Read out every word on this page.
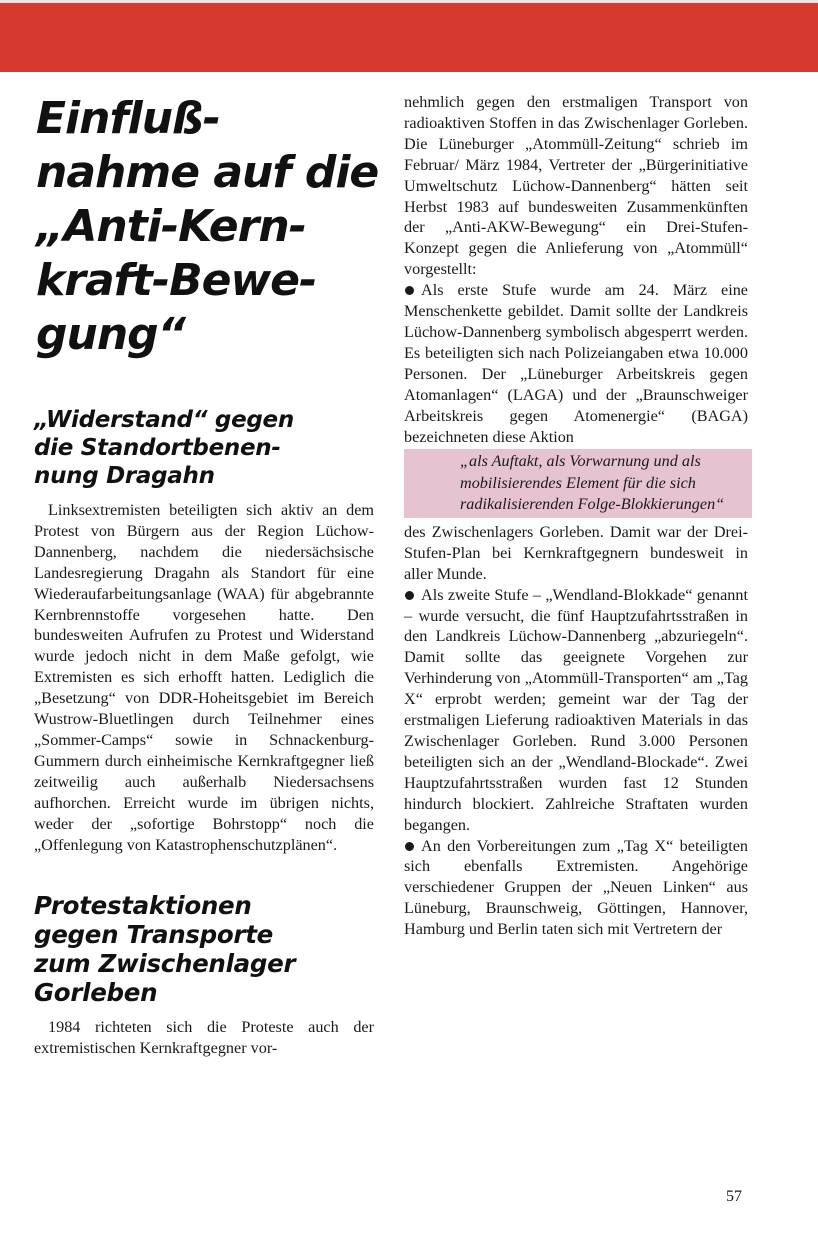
Einfluß-
nahme auf die
„Anti-Kern-
kraft-Bewe-
gung“
„Widerstand“ gegen
die Standortbenen-
nung Dragahn

Linksextremisten beteiligten sich aktiv an dem Protest von Bürgern aus der Region Lüchow-Dannenberg, nachdem die niedersächsische Landesregierung Dragahn als Standort für eine Wiederaufarbeitungsanlage (WAA) für abgebrannte Kernbrennstoffe vorgesehen hatte. Den bundesweiten Aufrufen zu Protest und Widerstand wurde jedoch nicht in dem Maße gefolgt, wie Extremisten es sich erhofft hatten. Lediglich die „Besetzung“ von DDR-Hoheitsgebiet im Bereich Wustrow-Bluetlingen durch Teilnehmer eines „Sommer-Camps“ sowie in Schnackenburg-Gummern durch einheimische Kernkraftgegner ließ zeitweilig auch außerhalb Niedersachsens aufhorchen. Erreicht wurde im übrigen nichts, weder der „sofortige Bohrstopp“ noch die „Offenlegung von Katastrophenschutzplänen“.

Protestaktionen
gegen Transporte
zum Zwischenlager
Gorleben

1984 richteten sich die Proteste auch der extremistischen Kernkraftgegner vor-

nehmlich gegen den erstmaligen Transport von radioaktiven Stoffen in das Zwischenlager Gorleben. Die Lüneburger „Atommüll-Zeitung“ schrieb im Februar/ März 1984, Vertreter der „Bürgerinitiative Umweltschutz Lüchow-Dannenberg“ hätten seit Herbst 1983 auf bundesweiten Zusammenkünften der „Anti-AKW-Bewegung“ ein Drei-Stufen-Konzept gegen die Anlieferung von „Atommüll“ vorgestellt:

Als erste Stufe wurde am 24. März eine Menschenkette gebildet. Damit sollte der Landkreis Lüchow-Dannenberg symbolisch abgesperrt werden. Es beteiligten sich nach Polizeiangaben etwa 10.000 Personen. Der „Lüneburger Arbeitskreis gegen Atomanlagen“ (LAGA) und der „Braunschweiger Arbeitskreis gegen Atomenergie“ (BAGA) bezeichneten diese Aktion

„als Auftakt, als Vorwarnung und als mobilisierendes Element für die sich radikalisierenden Folge-Blokkierungen“

des Zwischenlagers Gorleben. Damit war der Drei-Stufen-Plan bei Kernkraftgegnern bundesweit in aller Munde.

Als zweite Stufe – „Wendland-Blokkade“ genannt – wurde versucht, die fünf Hauptzufahrtsstraßen in den Landkreis Lüchow-Dannenberg „abzuriegeln“. Damit sollte das geeignete Vorgehen zur Verhinderung von „Atommüll-Transporten“ am „Tag X“ erprobt werden; gemeint war der Tag der erstmaligen Lieferung radioaktiven Materials in das Zwischenlager Gorleben. Rund 3.000 Personen beteiligten sich an der „Wendland-Blockade“. Zwei Hauptzufahrtsstraßen wurden fast 12 Stunden hindurch blockiert. Zahlreiche Straftaten wurden begangen.

An den Vorbereitungen zum „Tag X“ beteiligten sich ebenfalls Extremisten. Angehörige verschiedener Gruppen der „Neuen Linken“ aus Lüneburg, Braunschweig, Göttingen, Hannover, Hamburg und Berlin taten sich mit Vertretern der

57
